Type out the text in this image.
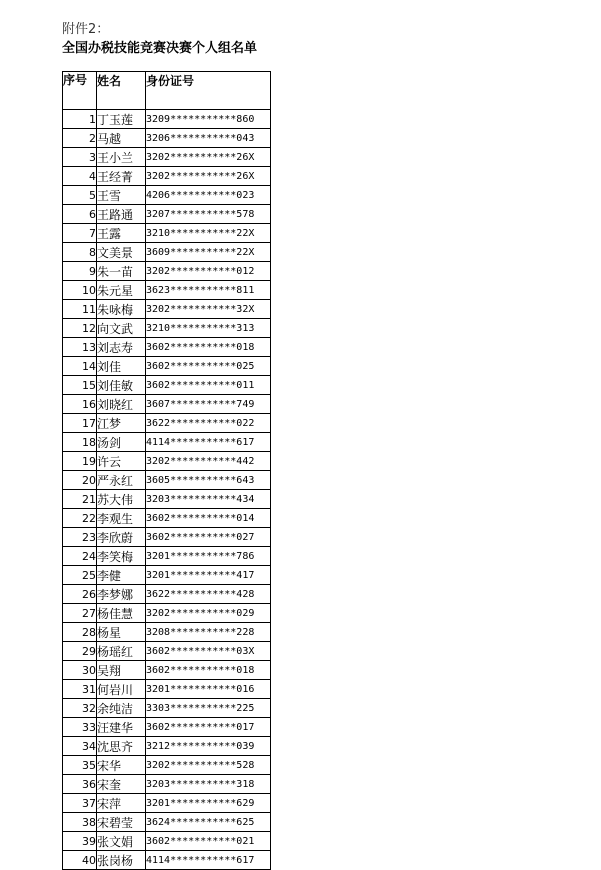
附件2：
全国办税技能竞赛决赛个人组名单
序号	姓名	身份证号
1	丁玉莲	3209***********860
2	马越	3206***********043
3	王小兰	3202***********26X
4	王经菁	3202***********26X
5	王雪	4206***********023
6	王路通	3207***********578
7	王露	3210***********22X
8	文美景	3609***********22X
9	朱一苗	3202***********012
10	朱元星	3623***********811
11	朱咏梅	3202***********32X
12	向文武	3210***********313
13	刘志寿	3602***********018
14	刘佳	3602***********025
15	刘佳敏	3602***********011
16	刘晓红	3607***********749
17	江梦	3622***********022
18	汤剑	4114***********617
19	许云	3202***********442
20	严永红	3605***********643
21	苏大伟	3203***********434
22	李观生	3602***********014
23	李欣蔚	3602***********027
24	李笑梅	3201***********786
25	李健	3201***********417
26	李梦娜	3622***********428
27	杨佳慧	3202***********029
28	杨星	3208***********228
29	杨瑶红	3602***********03X
30	吴翔	3602***********018
31	何岩川	3201***********016
32	余纯洁	3303***********225
33	汪建华	3602***********017
34	沈思齐	3212***********039
35	宋华	3202***********528
36	宋奎	3203***********318
37	宋萍	3201***********629
38	宋碧莹	3624***********625
39	张文娟	3602***********021
40	张岗杨	4114***********617
